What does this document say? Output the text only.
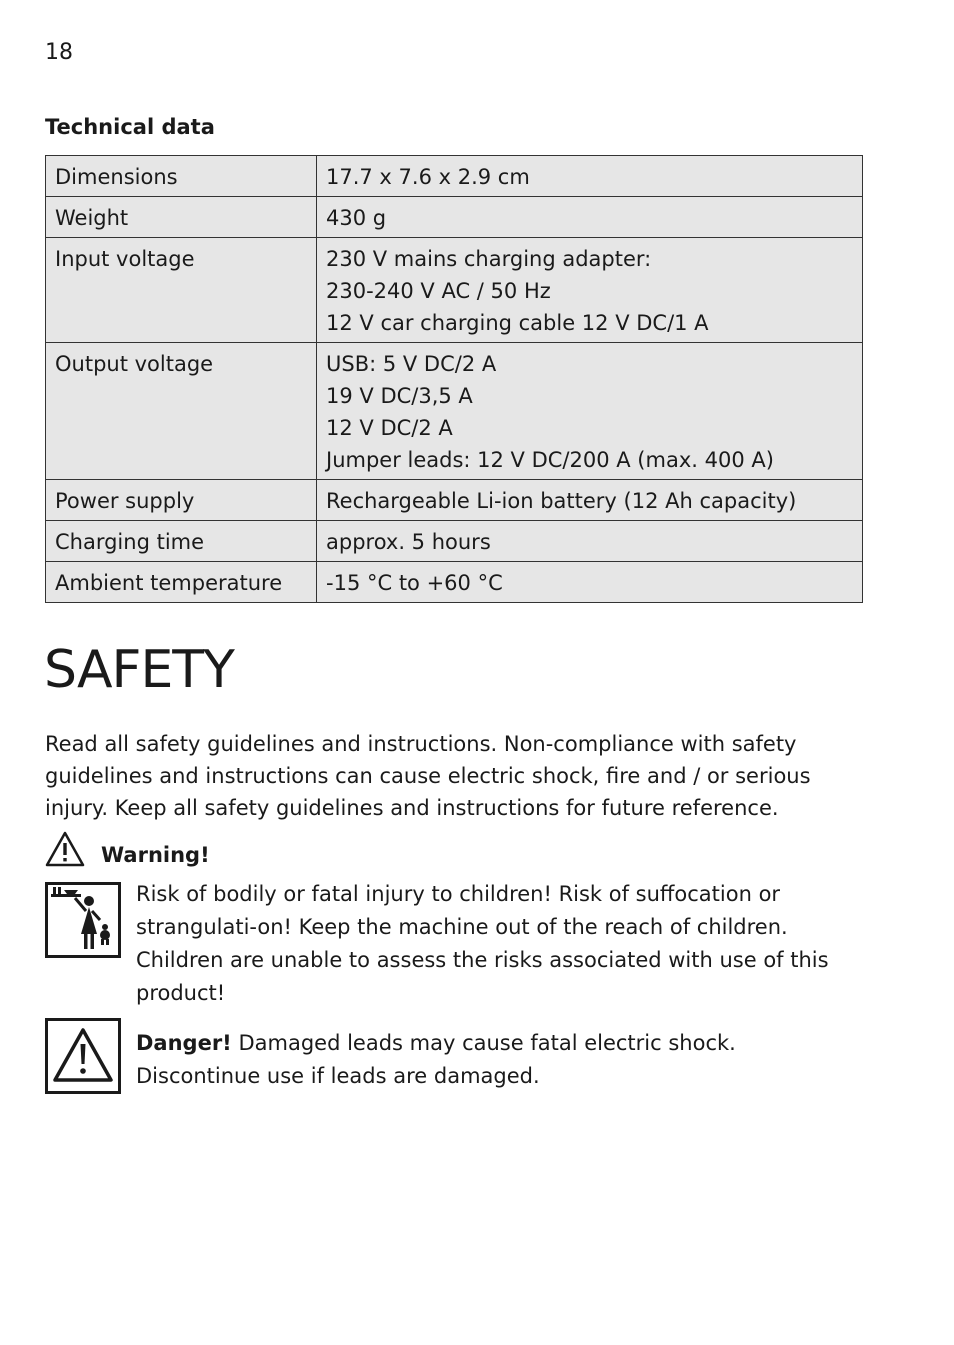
18
Technical data
Dimensions	17.7 x 7.6 x 2.9 cm

Weight	430 g

Input voltage	230 V mains charging adapter:
230-240 V AC / 50 Hz
12 V car charging cable 12 V DC/1 A

Output voltage	USB: 5 V DC/2 A
19 V DC/3,5 A
12 V DC/2 A
Jumper leads: 12 V DC/200 A (max. 400 A)

Power supply	Rechargeable Li-ion battery (12 Ah capacity)

Charging time	approx. 5 hours

Ambient temperature	-15 °C to +60 °C
SAFETY
Read all safety guidelines and instructions. Non-compliance with safety guidelines and instructions can cause electric shock, fire and / or serious injury. Keep all safety guidelines and instructions for future reference.
Warning!
Risk of bodily or fatal injury to children! Risk of suffocation or strangulati-on! Keep the machine out of the reach of children. Children are unable to assess the risks associated with use of this product!
Danger! Damaged leads may cause fatal electric shock. Discontinue use if leads are damaged.
